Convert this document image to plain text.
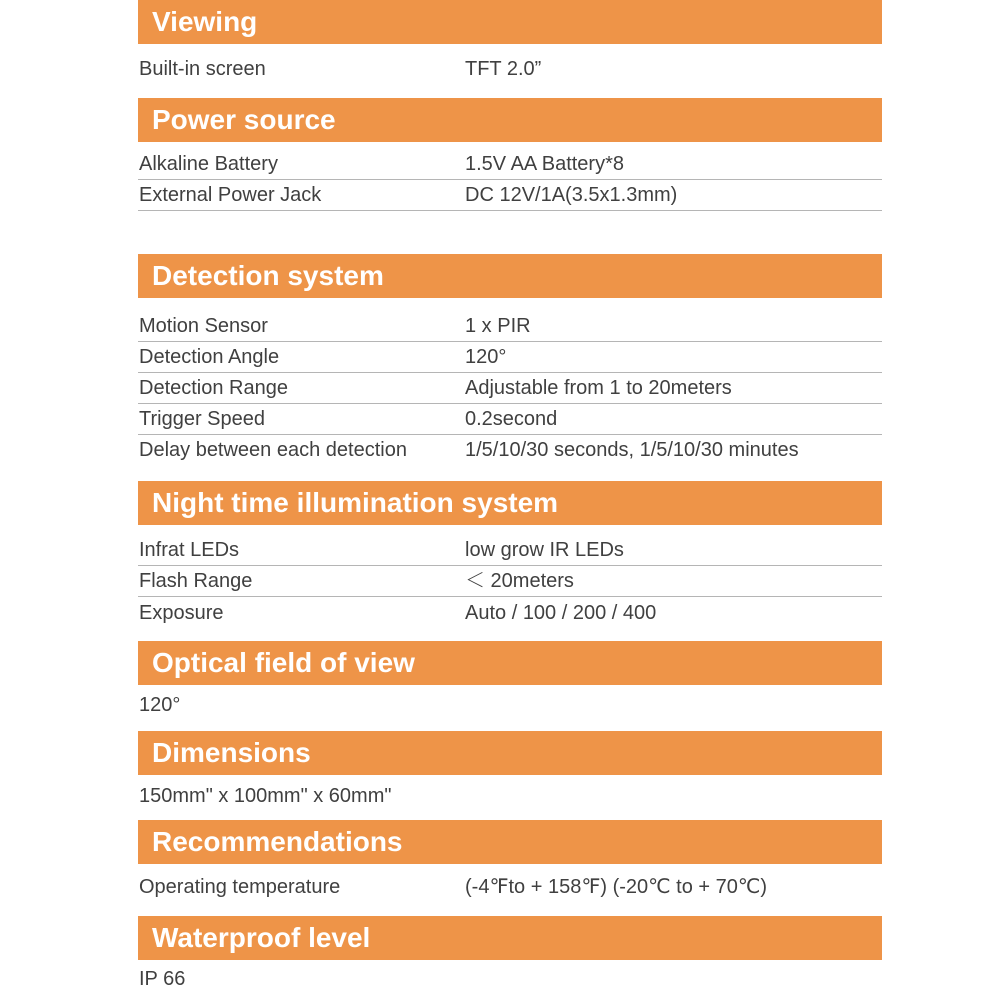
Viewing
Built-in screen	TFT 2.0”
Power source
Alkaline Battery	1.5V AA Battery*8
External Power Jack	DC 12V/1A(3.5x1.3mm)
Detection system
Motion Sensor	1 x PIR
Detection Angle	120°
Detection Range	Adjustable from 1 to 20meters
Trigger Speed	0.2second
Delay between each detection	1/5/10/30 seconds, 1/5/10/30 minutes
Night time illumination system
Infrat LEDs	low grow IR LEDs
Flash Range	＜ 20meters
Exposure	Auto / 100 / 200 / 400
Optical field of view
120°
Dimensions
150mm" x 100mm" x 60mm"
Recommendations
Operating temperature	(-4℉to + 158℉) (-20℃ to + 70℃)
Waterproof level
IP 66
